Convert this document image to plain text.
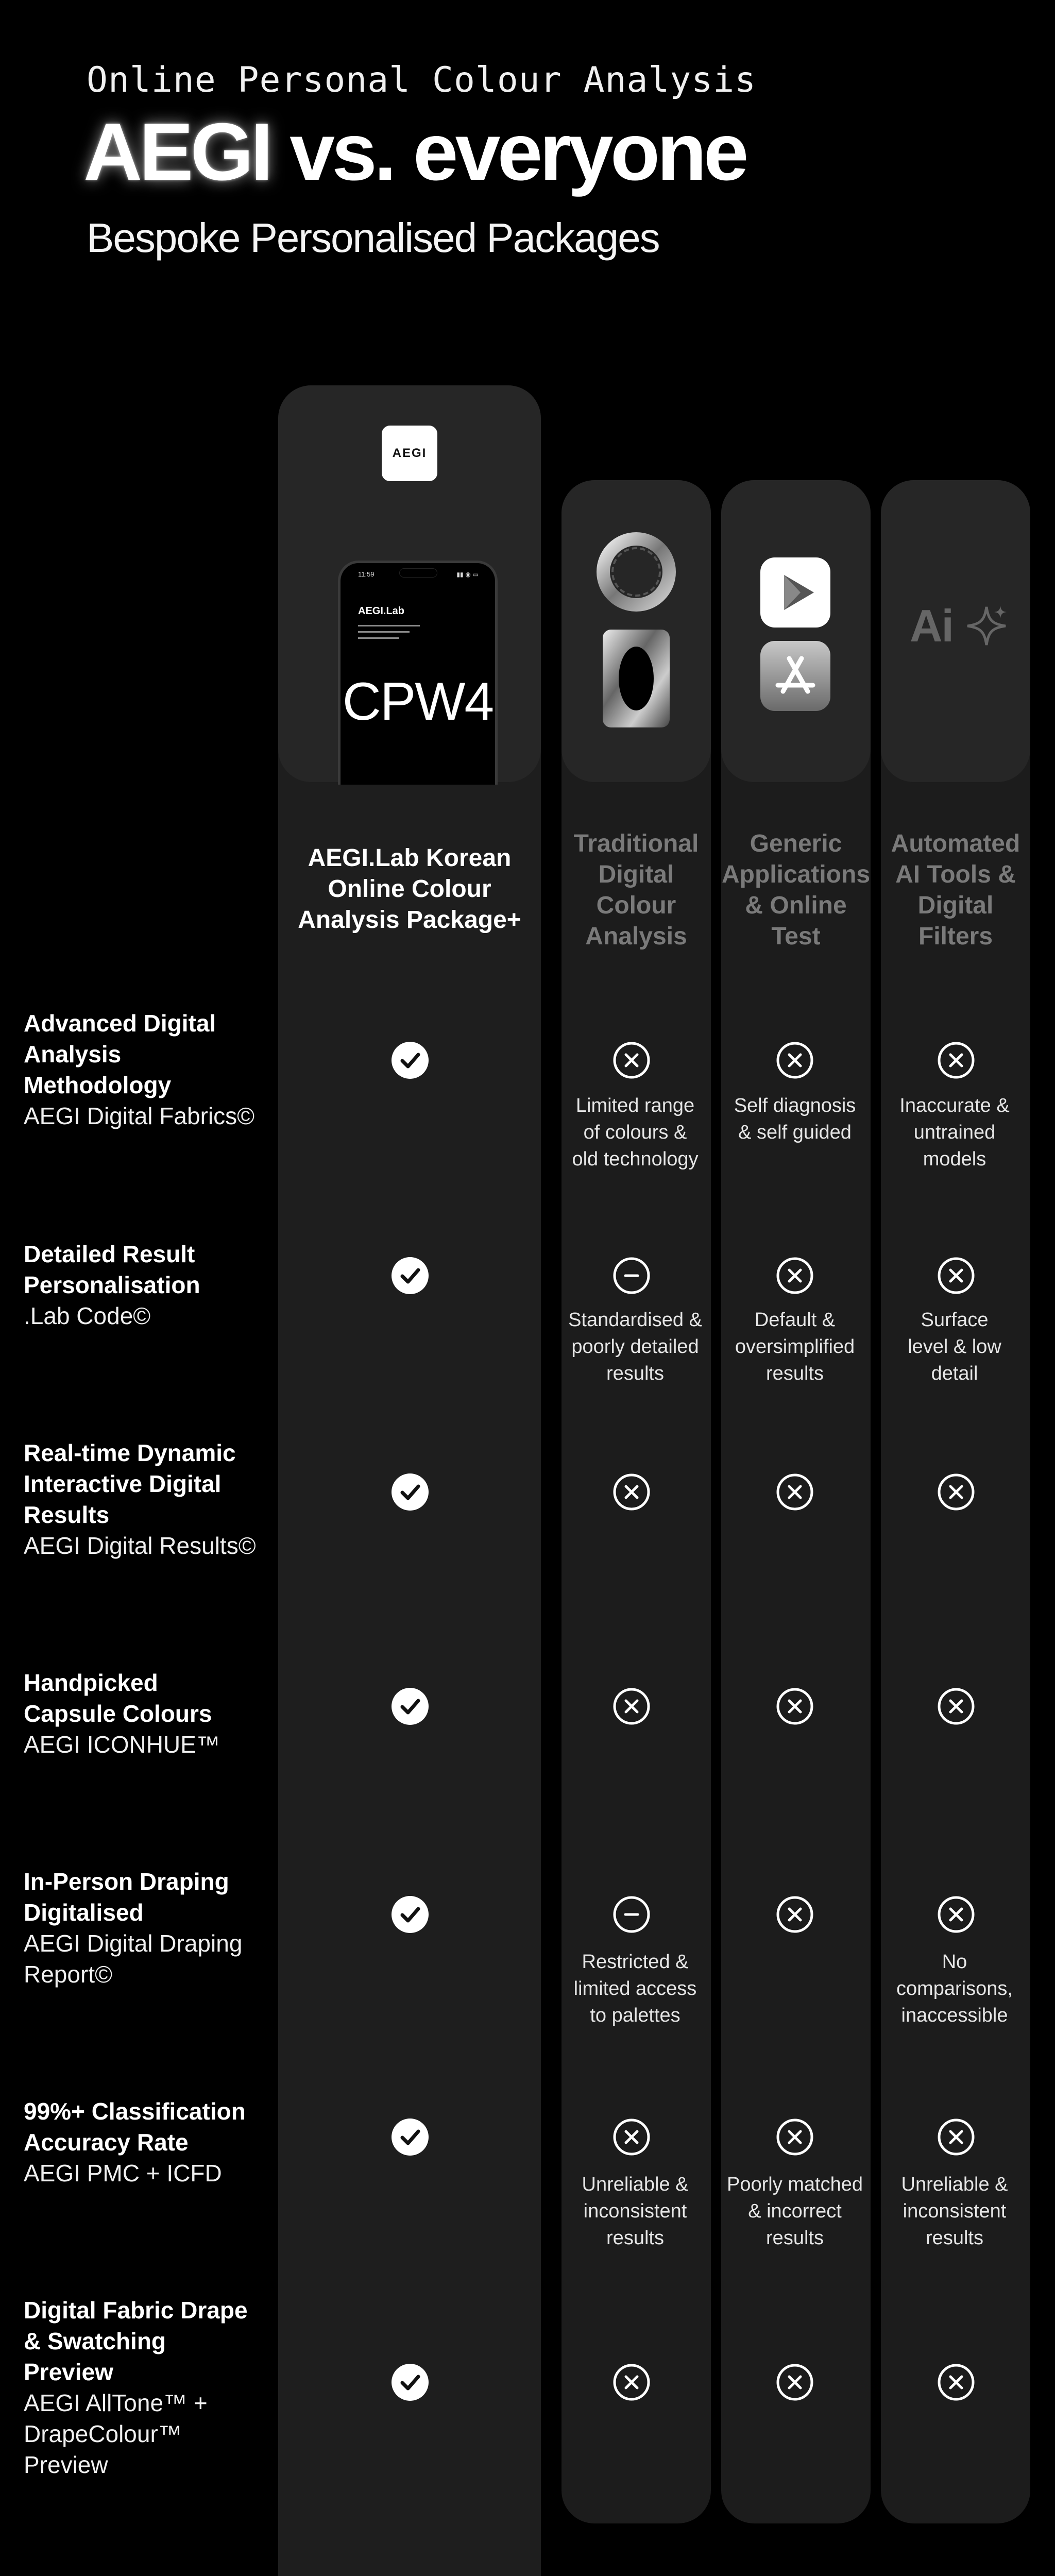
Online Personal Colour Analysis
AEGI vs. everyone
Bespoke Personalised Packages
AEGI
11:59	▮▮ ◉ ▭
AEGI.Lab
CPW4
AEGI.Lab Korean
Online Colour
Analysis Package+
Traditional
Digital
Colour
Analysis
Generic
Applications
& Online
Test
Ai
Automated
AI Tools &
Digital
Filters
Advanced Digital
Analysis
Methodology
AEGI Digital Fabrics©
Detailed Result
Personalisation
.Lab Code©
Real-time Dynamic
Interactive Digital
Results
AEGI Digital Results©
Handpicked
Capsule Colours
AEGI ICONHUE™
In-Person Draping
Digitalised
AEGI Digital Draping
Report©
99%+ Classification
Accuracy Rate
AEGI PMC + ICFD
Digital Fabric Drape
& Swatching
Preview
AEGI AllTone™ +
DrapeColour™
Preview
Limited range
of colours &
old technology
Self diagnosis
& self guided
Inaccurate &
untrained
models
Standardised &
poorly detailed
results
Default &
oversimplified
results
Surface
level & low
detail
Restricted &
limited access
to palettes
No
comparisons,
inaccessible
Unreliable &
inconsistent
results
Poorly matched
& incorrect
results
Unreliable &
inconsistent
results
